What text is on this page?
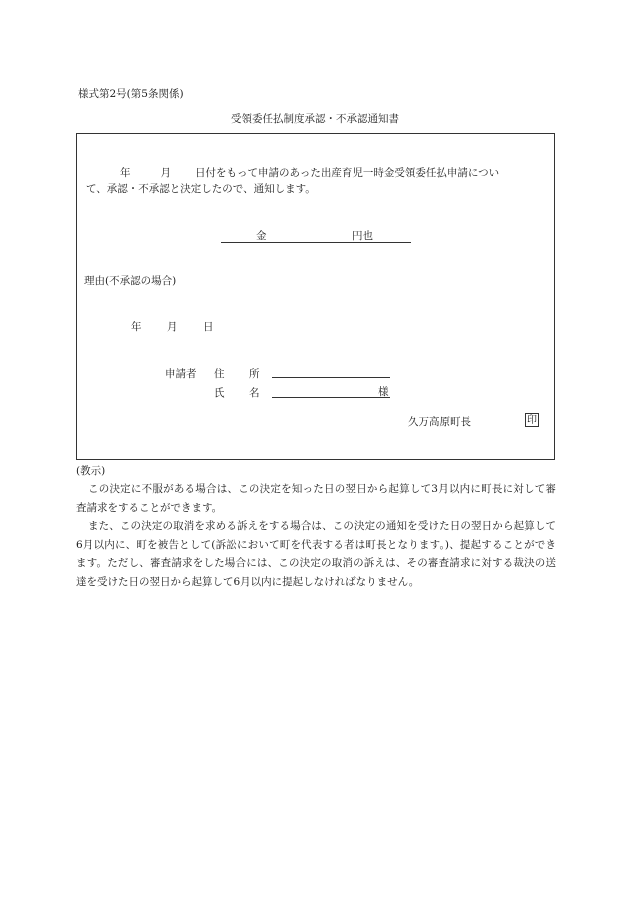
様式第2号(第5条関係)
受領委任払制度承認・不承認通知書
年	月 日付をもって申請のあった出産育児一時金受領委任払申請につい
て、承認・不承認と決定したので、通知します。
金	円也
理由(不承認の場合)
年 月 日
申請者 住 所
氏 名	様
久万高原町長	印
(教示)
この決定に不服がある場合は、この決定を知った日の翌日から起算して3月以内に町長に対して審査請求をすることができます。
また、この決定の取消を求める訴えをする場合は、この決定の通知を受けた日の翌日から起算して6月以内に、町を被告として(訴訟において町を代表する者は町長となります。)、提起することができます。ただし、審査請求をした場合には、この決定の取消の訴えは、その審査請求に対する裁決の送達を受けた日の翌日から起算して6月以内に提起しなければなりません。
